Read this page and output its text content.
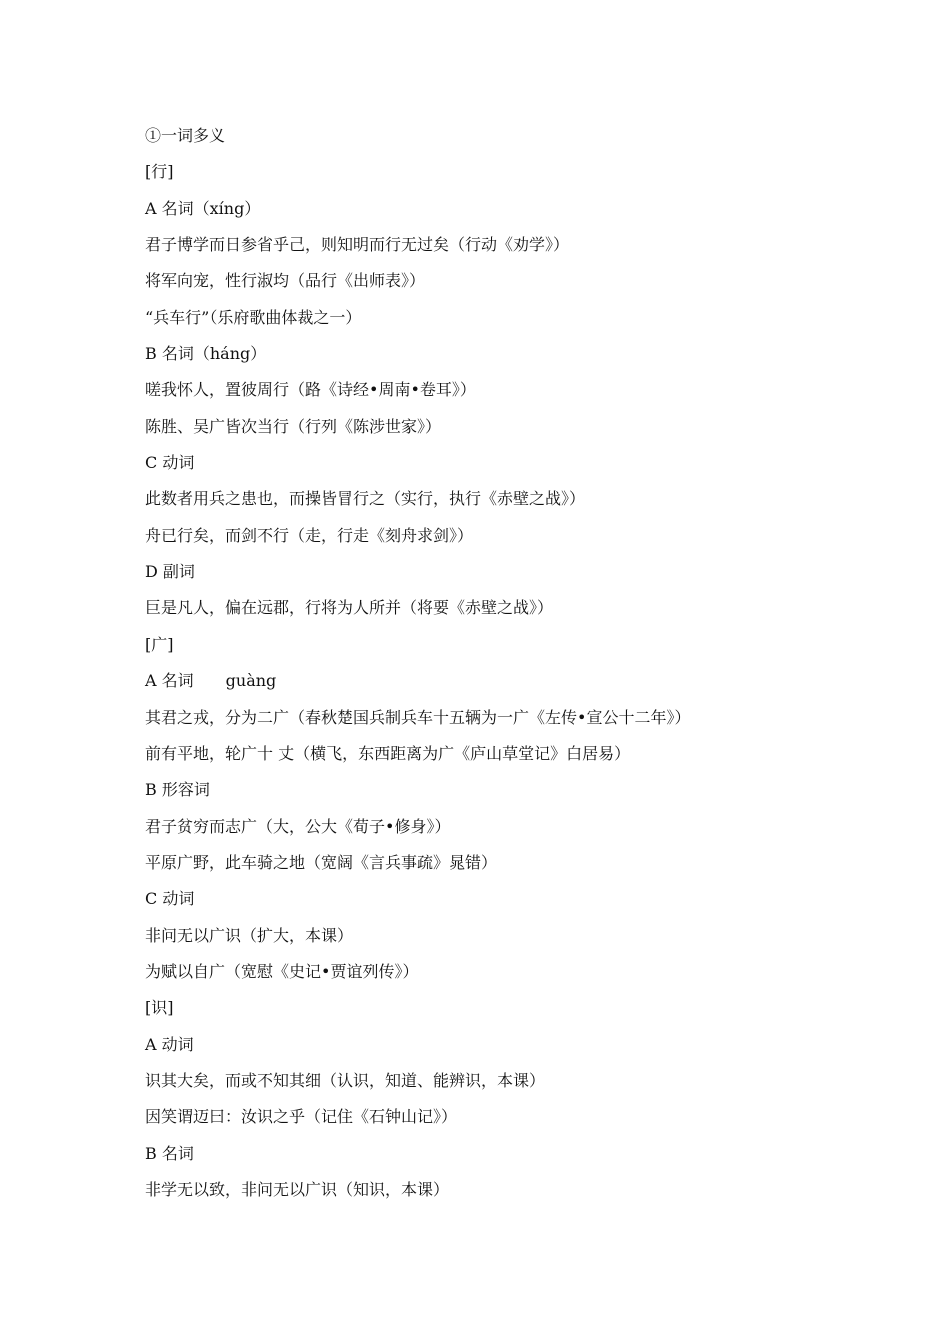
①一词多义
[行]
A 名词（xíng）
君子博学而日参省乎己，则知明而行无过矣（行动《劝学》）
将军向宠，性行淑均（品行《出师表》）
“兵车行”（乐府歌曲体裁之一）
B 名词（háng）
嗟我怀人，置彼周行（路《诗经•周南•卷耳》）
陈胜、吴广皆次当行（行列《陈涉世家》）
C 动词
此数者用兵之患也，而操皆冒行之（实行，执行《赤壁之战》）
舟已行矣，而剑不行（走，行走《刻舟求剑》）
D 副词
巨是凡人，偏在远郡，行将为人所并（将要《赤壁之战》）
[广]
A 名词　　guàng
其君之戎，分为二广（春秋楚国兵制兵车十五辆为一广《左传•宣公十二年》）
前有平地，轮广十 丈（横飞，东西距离为广《庐山草堂记》白居易）
B 形容词
君子贫穷而志广（大，公大《荀子•修身》）
平原广野，此车骑之地（宽阔《言兵事疏》晁错）
C 动词
非问无以广识（扩大，本课）
为赋以自广（宽慰《史记•贾谊列传》）
[识]
A 动词
识其大矣，而或不知其细（认识，知道、能辨识，本课）
因笑谓迈曰：汝识之乎（记住《石钟山记》）
B 名词
非学无以致，非问无以广识（知识，本课）
